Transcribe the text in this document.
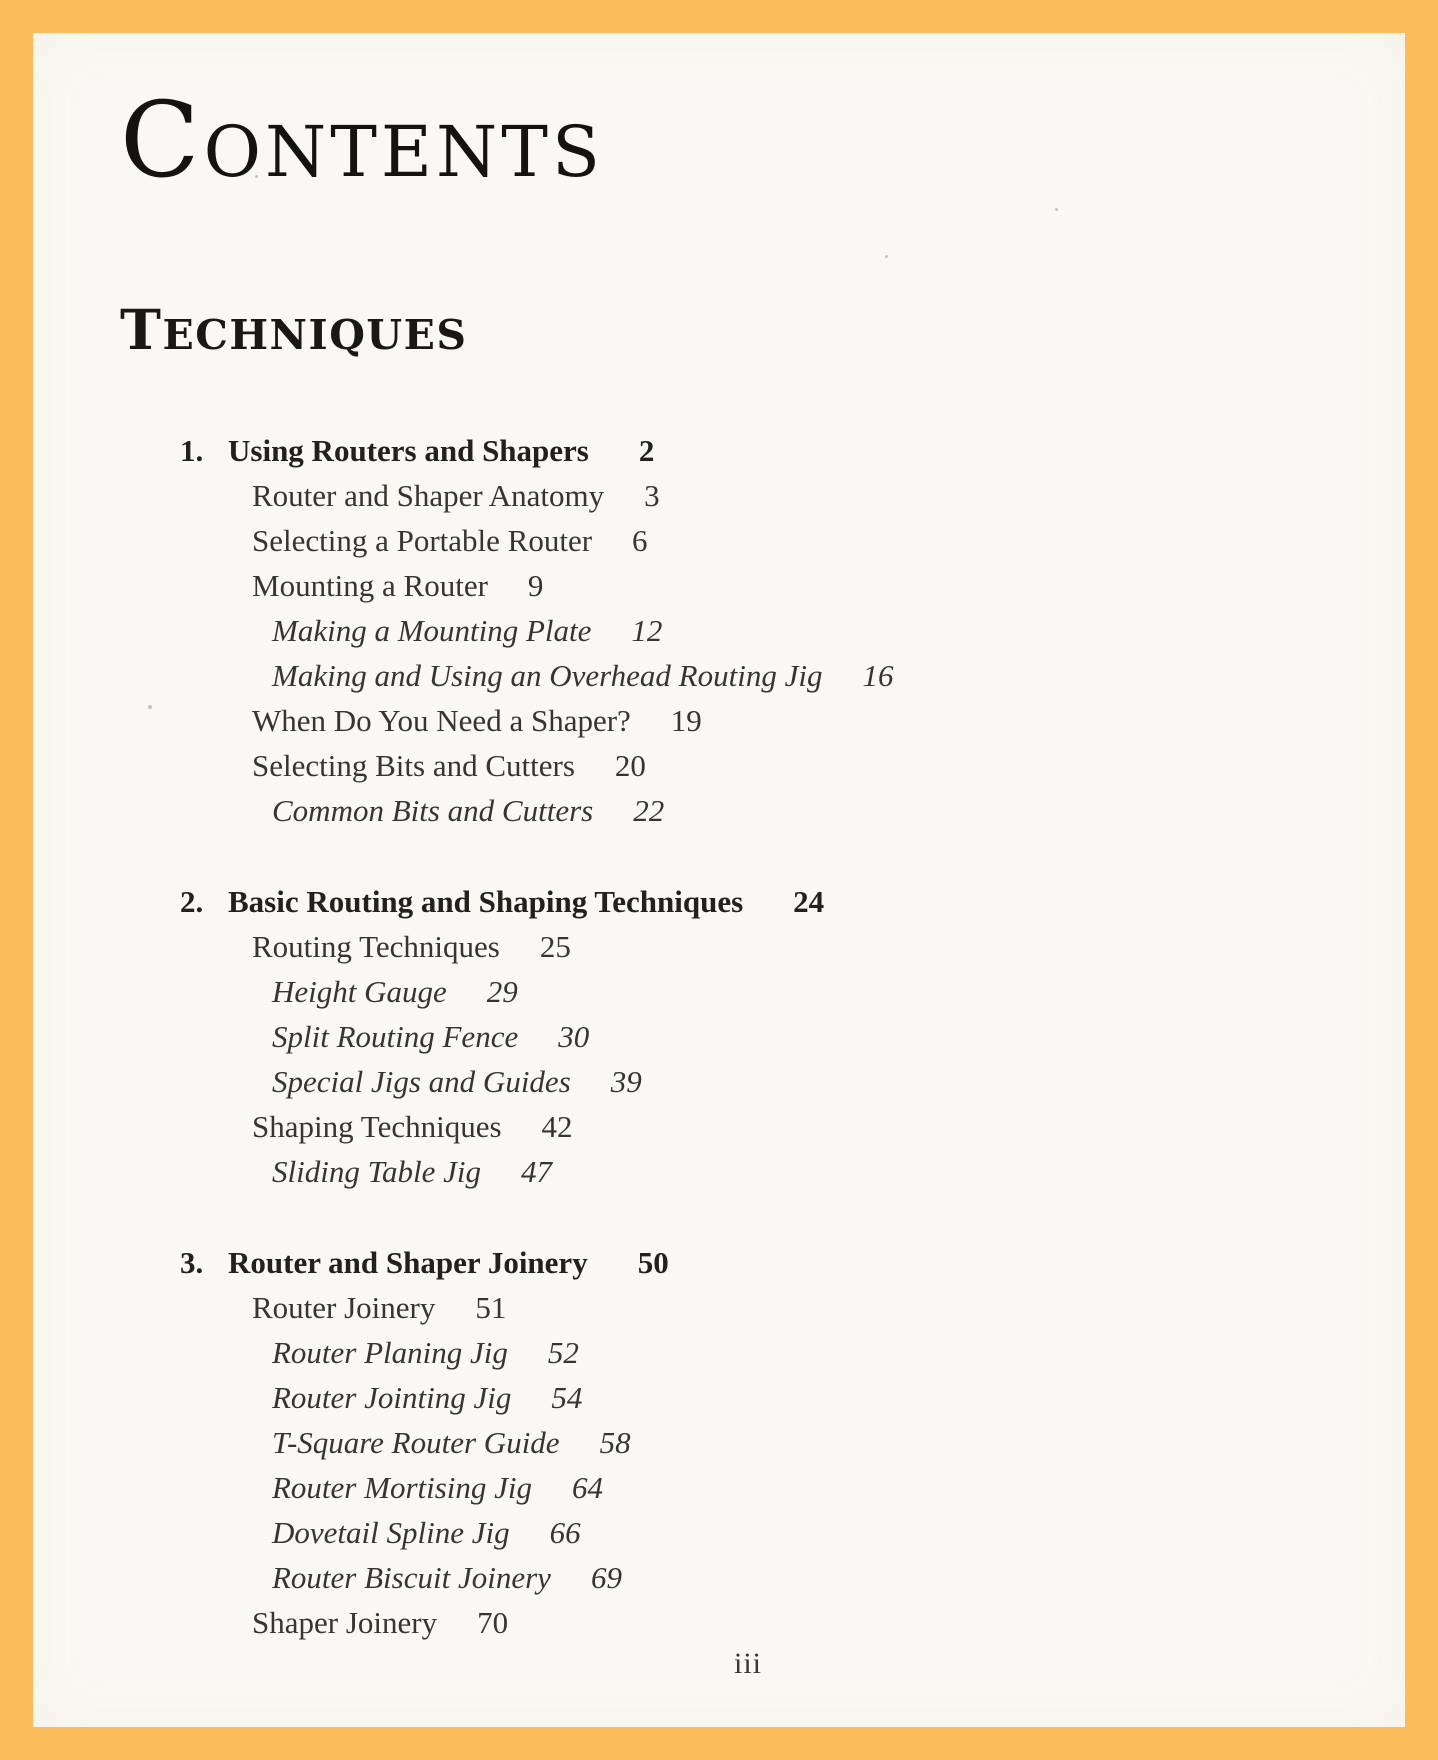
CONTENTS
TECHNIQUES
1. Using Routers and Shapers 2
Router and Shaper Anatomy 3
Selecting a Portable Router 6
Mounting a Router 9
Making a Mounting Plate 12
Making and Using an Overhead Routing Jig 16
When Do You Need a Shaper? 19
Selecting Bits and Cutters 20
Common Bits and Cutters 22
2. Basic Routing and Shaping Techniques 24
Routing Techniques 25
Height Gauge 29
Split Routing Fence 30
Special Jigs and Guides 39
Shaping Techniques 42
Sliding Table Jig 47
3. Router and Shaper Joinery 50
Router Joinery 51
Router Planing Jig 52
Router Jointing Jig 54
T-Square Router Guide 58
Router Mortising Jig 64
Dovetail Spline Jig 66
Router Biscuit Joinery 69
Shaper Joinery 70
iii
